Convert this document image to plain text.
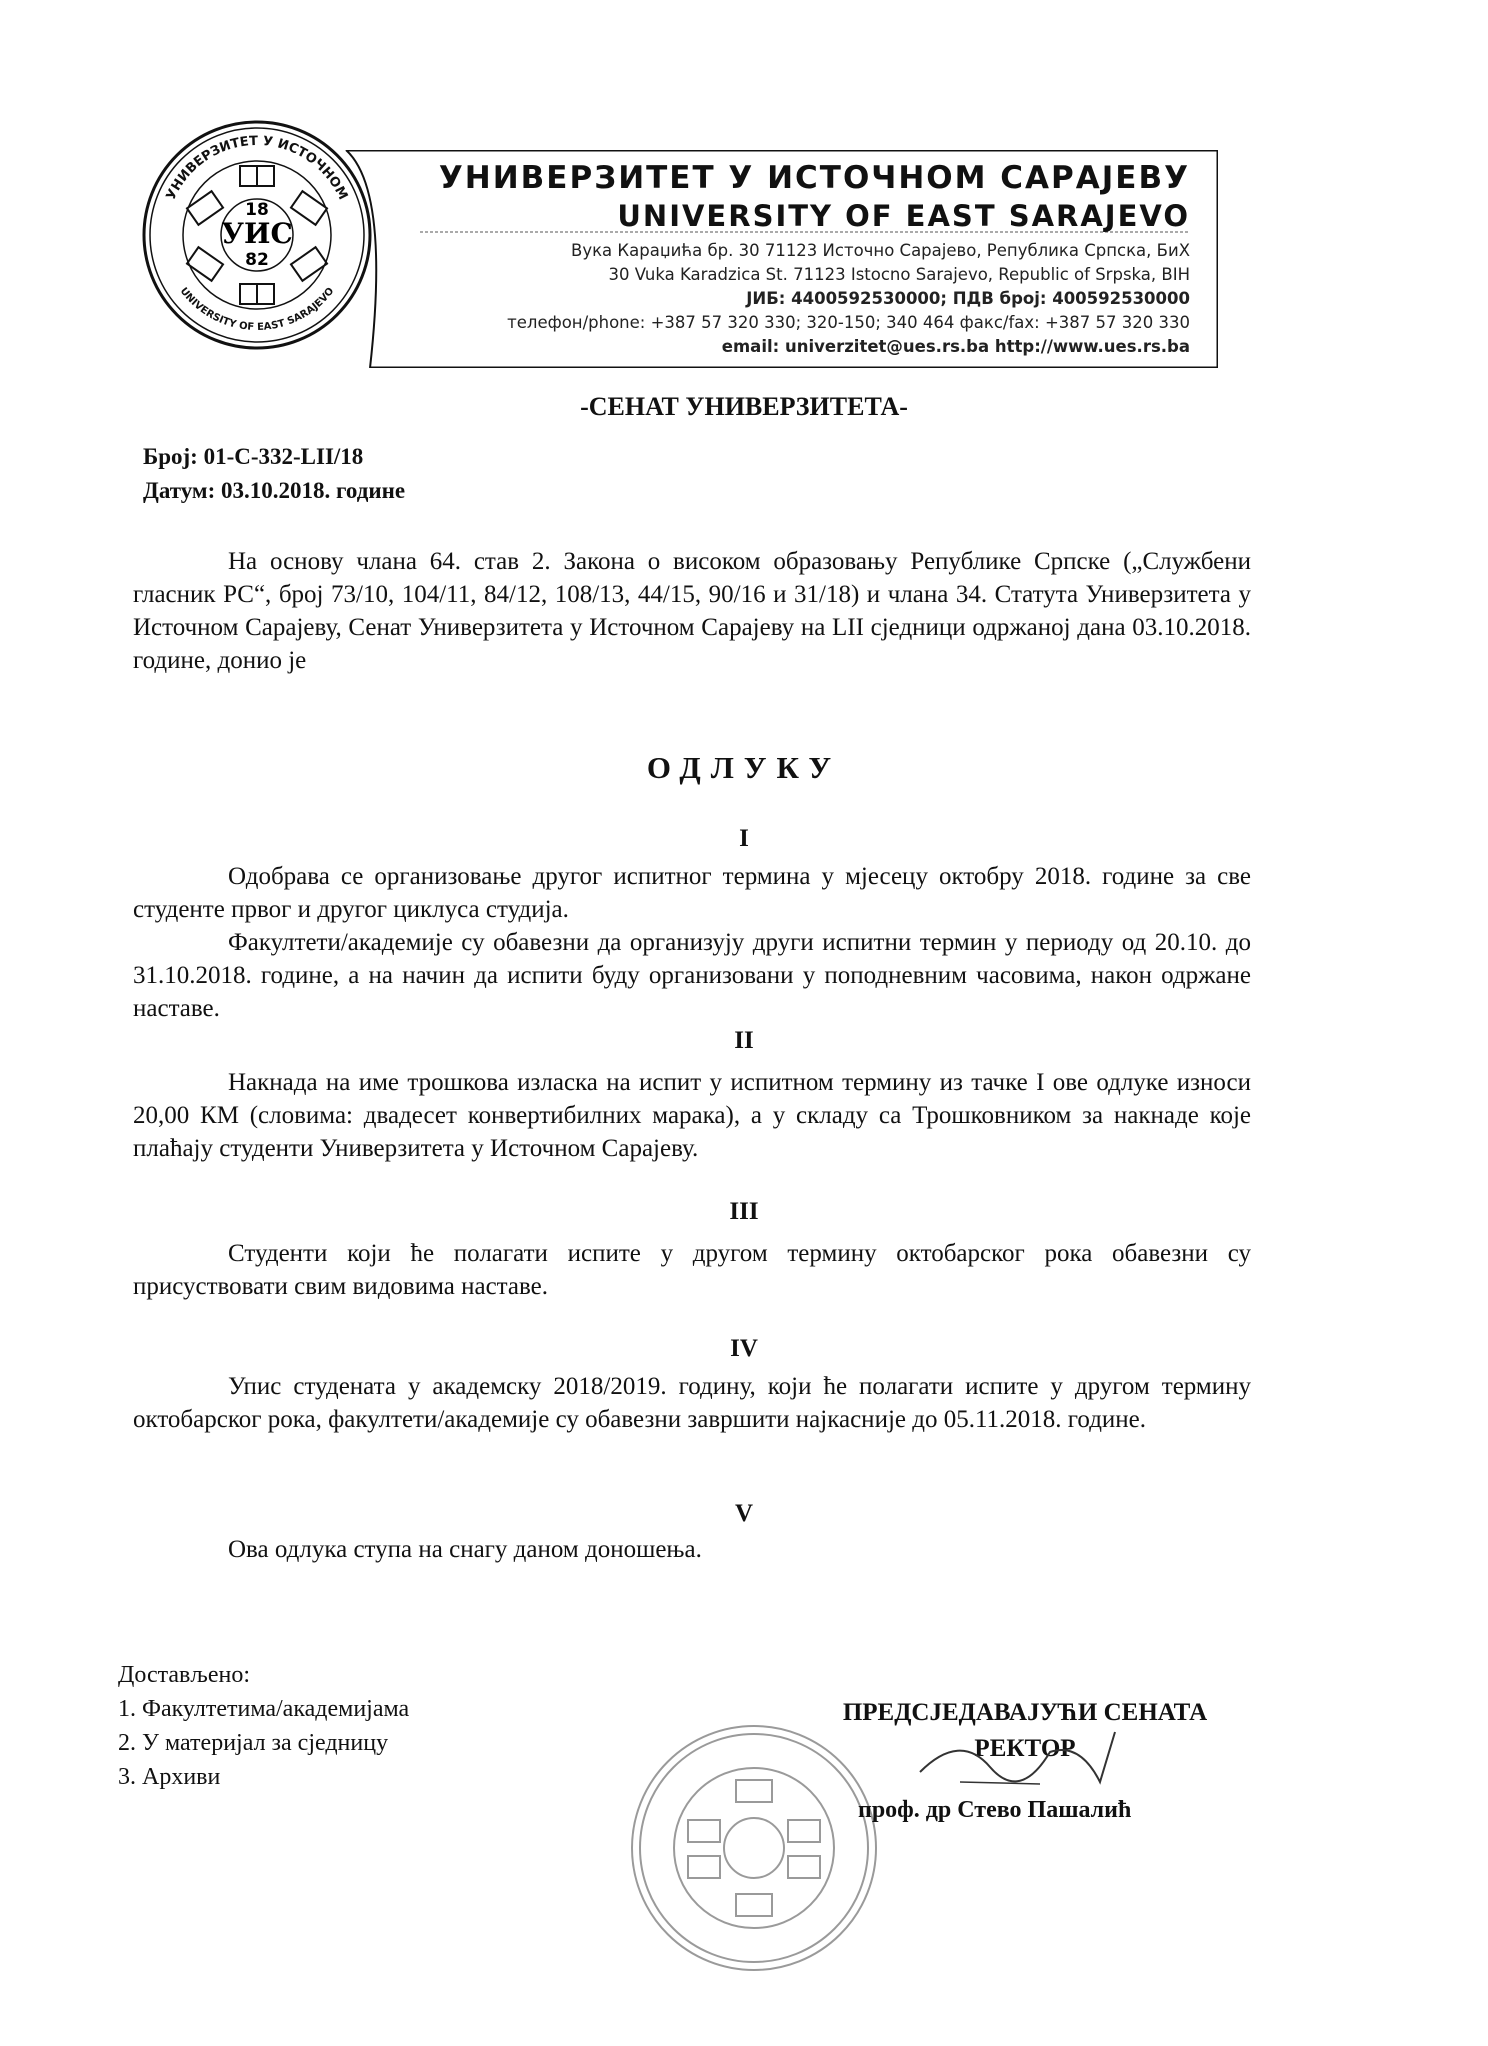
УНИВЕРЗИТЕТ У ИСТОЧНОМ
UNIVERSITY OF EAST SARAJEVO
18
УИС
82
УНИВЕРЗИТЕТ У ИСТОЧНОМ САРАЈЕВУ
UNIVERSITY OF EAST SARAJEVO
Вука Караџића бр. 30 71123 Источно Сарајево, Република Српска, БиХ
30 Vuka Karadzica St. 71123 Istocno Sarajevo, Republic of Srpska, BIH
ЈИБ: 4400592530000; ПДВ број: 400592530000
телефон/phone: +387 57 320 330; 320-150; 340 464 факс/fax: +387 57 320 330
email: univerzitet@ues.rs.ba http://www.ues.rs.ba
-СЕНАТ УНИВЕРЗИТЕТА-
Број: 01-С-332-LII/18
Датум: 03.10.2018. године
На основу члана 64. став 2. Закона о високом образовању Републике Српске („Службени гласник РС“, број 73/10, 104/11, 84/12, 108/13, 44/15, 90/16 и 31/18) и члана 34. Статута Универзитета у Источном Сарајеву, Сенат Универзитета у Источном Сарајеву на LII сједници одржаној дана 03.10.2018. године, донио је
ОДЛУКУ
I
Одобрава се организовање другог испитног термина у мјесецу октобру 2018. године за све студенте првог и другог циклуса студија.
Факултети/академије су обавезни да организују други испитни термин у периоду од 20.10. до 31.10.2018. године, а на начин да испити буду организовани у поподневним часовима, након одржане наставе.
II
Накнада на име трошкова изласка на испит у испитном термину из тачке I ове одлуке износи 20,00 КМ (словима: двадесет конвертибилних марака), а у складу са Трошковником за накнаде које плаћају студенти Универзитета у Источном Сарајеву.
III
Студенти који ће полагати испите у другом термину октобарског рока обавезни су присуствовати свим видовима наставе.
IV
Упис студената у академску 2018/2019. годину, који ће полагати испите у другом термину октобарског рока, факултети/академије су обавезни завршити најкасније до 05.11.2018. године.
V
Ова одлука ступа на снагу даном доношења.
Достављено:
1. Факултетима/академијама
2. У материјал за сједницу
3. Архиви
ПРЕДСЈЕДАВАЈУЋИ СЕНАТА
РЕКТОР
проф. др Стево Пашалић
